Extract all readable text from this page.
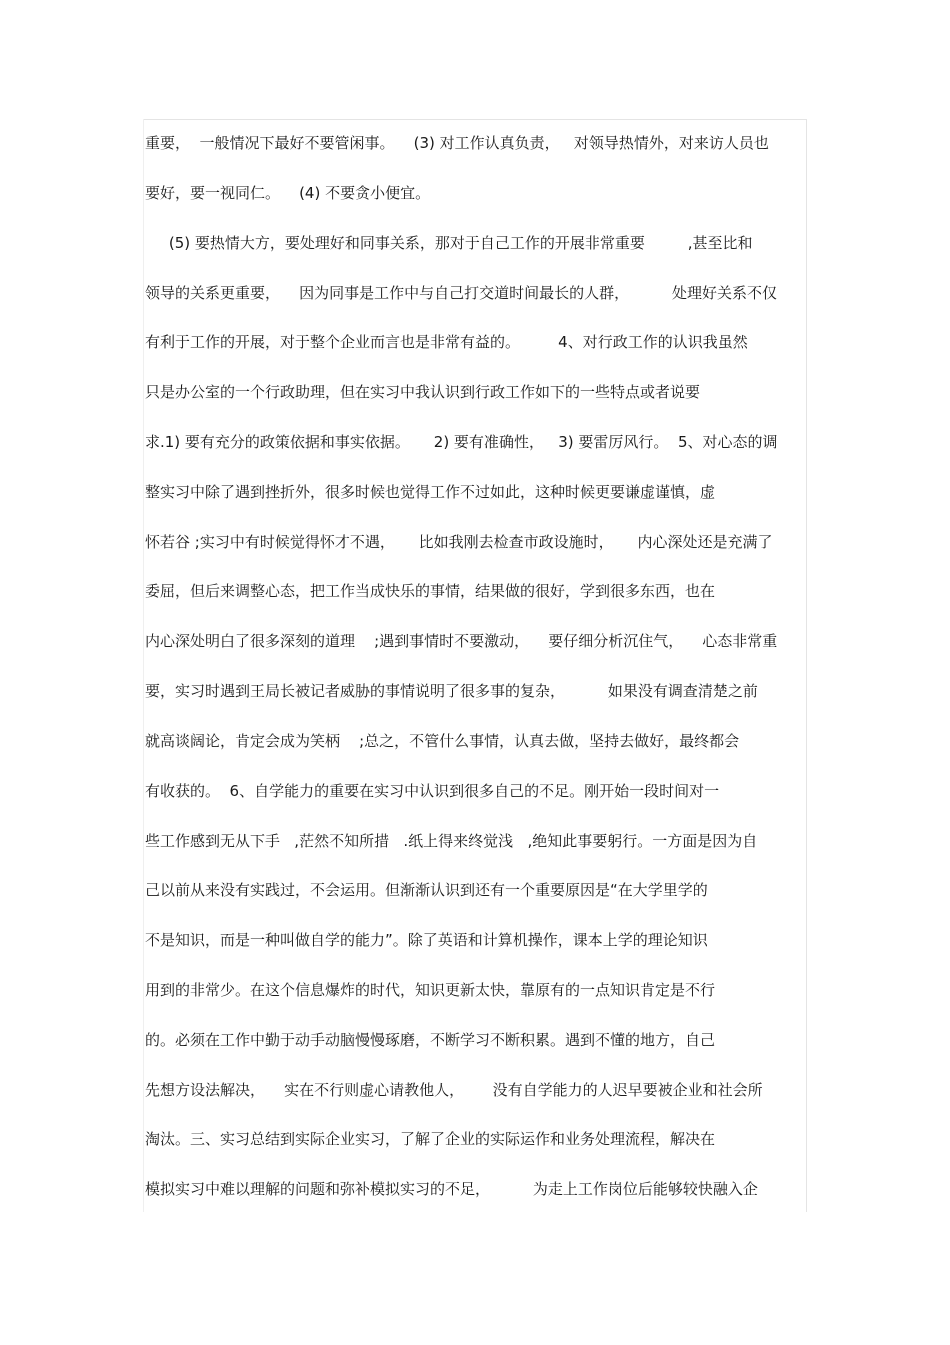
重要，  一般情况下最好不要管闲事。    (3) 对工作认真负责，   对领导热情外，对来访人员也
要好，要一视同仁。    (4) 不要贪小便宜。
(5) 要热情大方，要处理好和同事关系，那对于自己工作的开展非常重要         ,甚至比和
领导的关系更重要，    因为同事是工作中与自己打交道时间最长的人群，         处理好关系不仅
有利于工作的开展，对于整个企业而言也是非常有益的。        4、对行政工作的认识我虽然
只是办公室的一个行政助理，但在实习中我认识到行政工作如下的一些特点或者说要
求.1) 要有充分的政策依据和事实依据。     2) 要有准确性，   3) 要雷厉风行。  5、对心态的调
整实习中除了遇到挫折外，很多时候也觉得工作不过如此，这种时候更要谦虚谨慎，虚
怀若谷 ;实习中有时候觉得怀才不遇，     比如我刚去检查市政设施时，     内心深处还是充满了
委屈，但后来调整心态，把工作当成快乐的事情，结果做的很好，学到很多东西，也在
内心深处明白了很多深刻的道理    ;遇到事情时不要激动，    要仔细分析沉住气，    心态非常重
要，实习时遇到王局长被记者威胁的事情说明了很多事的复杂，         如果没有调查清楚之前
就高谈阔论，肯定会成为笑柄    ;总之，不管什么事情，认真去做，坚持去做好，最终都会
有收获的。  6、自学能力的重要在实习中认识到很多自己的不足。刚开始一段时间对一
些工作感到无从下手   ,茫然不知所措   .纸上得来终觉浅   ,绝知此事要躬行。一方面是因为自
己以前从来没有实践过，不会运用。但渐渐认识到还有一个重要原因是“在大学里学的
不是知识，而是一种叫做自学的能力”。除了英语和计算机操作，课本上学的理论知识
用到的非常少。在这个信息爆炸的时代，知识更新太快，靠原有的一点知识肯定是不行
的。必须在工作中勤于动手动脑慢慢琢磨，不断学习不断积累。遇到不懂的地方，自己
先想方设法解决，    实在不行则虚心请教他人，      没有自学能力的人迟早要被企业和社会所
淘汰。三、实习总结到实际企业实习，了解了企业的实际运作和业务处理流程，解决在
模拟实习中难以理解的问题和弥补模拟实习的不足，         为走上工作岗位后能够较快融入企
